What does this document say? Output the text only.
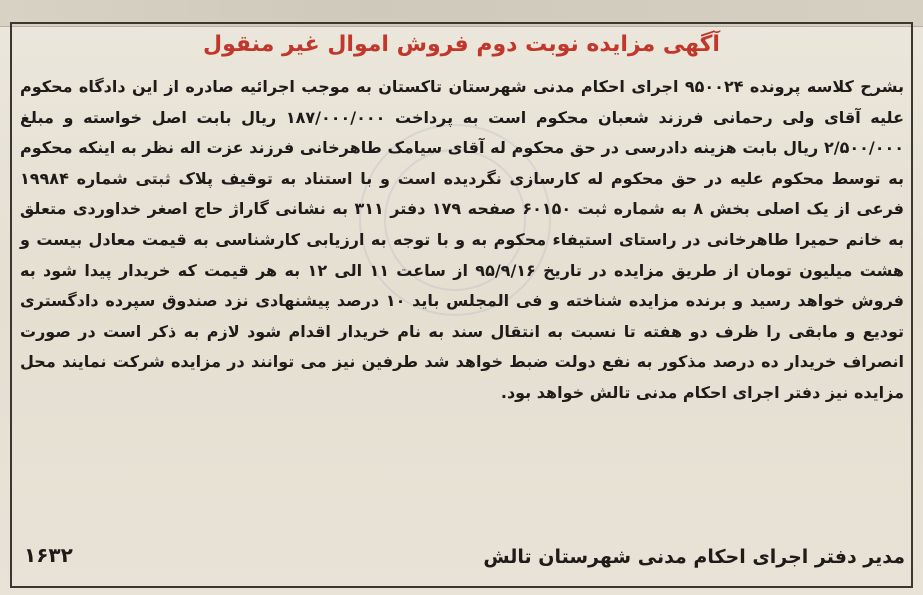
آگهی مزایده نوبت دوم فروش اموال غیر منقول
بشرح کلاسه پرونده ۹۵۰۰۲۴ اجرای احکام مدنی شهرستان تاکستان به موجب اجرائیه صادره از این دادگاه محکوم علیه آقای ولی رحمانی فرزند شعبان محکوم است به پرداخت ۱۸۷/۰۰۰/۰۰۰ ریال بابت اصل خواسته و مبلغ ۲/۵۰۰/۰۰۰ ریال بابت هزینه دادرسی در حق محکوم له آقای سیامک طاهرخانی فرزند عزت اله نظر به اینکه محکوم به توسط محکوم علیه در حق محکوم له کارسازی نگردیده است و با استناد به توقیف پلاک ثبتی شماره ۱۹۹۸۴ فرعی از یک اصلی بخش ۸ به شماره ثبت ۶۰۱۵۰ صفحه ۱۷۹ دفتر ۳۱۱ به نشانی گاراژ حاج اصغر خداوردی متعلق به خانم حمیرا طاهرخانی در راستای استیفاء محکوم به و با توجه به ارزیابی کارشناسی به قیمت معادل بیست و هشت میلیون تومان از طریق مزایده در تاریخ ۹۵/۹/۱۶ از ساعت ۱۱ الی ۱۲ به هر قیمت که خریدار پیدا شود به فروش خواهد رسید و برنده مزایده شناخته و فی المجلس باید ۱۰ درصد پیشنهادی نزد صندوق سپرده دادگستری تودیع و مابقی را ظرف دو هفته تا نسبت به انتقال سند به نام خریدار اقدام شود لازم به ذکر است در صورت انصراف خریدار ده درصد مذکور به نفع دولت ضبط خواهد شد طرفین نیز می توانند در مزایده شرکت نمایند محل مزایده نیز دفتر اجرای احکام مدنی تالش خواهد بود.
۱۶۳۲	مدیر دفتر اجرای احکام مدنی شهرستان تالش
